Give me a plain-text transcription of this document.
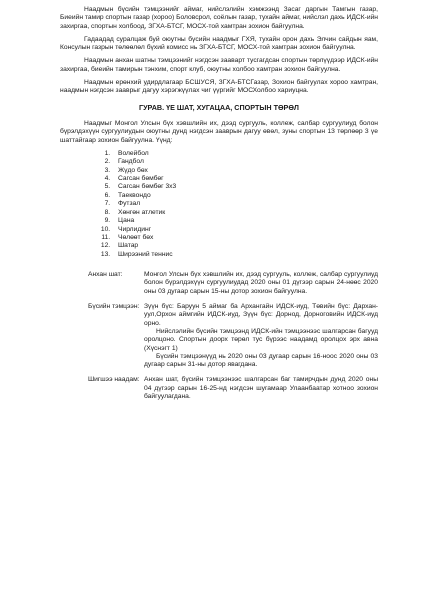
Наадмын бүсийн тэмцээнийг аймаг, нийслэлийн хэмжээнд Засаг даргын Тамгын газар, Биеийн тамир спортын газар (хороо) Боловсрол, соёлын газар, тухайн аймаг, нийслэл дахь ИДСК-ийн захиргаа, спортын холбоод, ЗГХА-БТСГ, МОСХ-той хамтран зохион байгуулна.

Гадаадад суралцаж буй оюутны бүсийн наадмыг ГХЯ, тухайн орон дахь Элчин сайдын яам, Консулын газрын төлөөлөл бүхий комисс нь ЗГХА-БТСГ, МОСХ-той хамтран зохион байгуулна.

Наадмын анхан шатны тэмцээнийг нэгдсэн зааварт тусгагдсан спортын төрлүүдээр ИДСК-ийн захиргаа, биеийн тамирын тэнхим, спорт клуб, оюутны холбоо хамтран зохион байгуулна.

Наадмын ерөнхий удирдлагаар БСШУСЯ, ЗГХА-БТСГазар, Зохион байгуулах хороо хамтран, наадмын нэгдсэн зааврыг дагуу хэрэгжүүлах чиг үүргийг МОСХолбоо хариуцна.

ГУРАВ. ҮЕ ШАТ, ХУГАЦАА, СПОРТЫН ТӨРӨЛ

Наадмыг Монгол Улсын бүх хэвшлийн их, дээд сургууль, коллеж, салбар сургуулиуд болон бүрэлдэхүүн сургуулиудын оюутны дунд нэгдсэн зааврын дагуу өвөл, зуны спортын 13 төрлөөр 3 үе шаттайгаар зохион байгуулна. Үүнд:

1. Волейбол
2. Гандбол
3. Жүдо бөх
4. Сагсан бөмбөг
5. Сагсан бөмбөг 3х3
6. Таеквондо
7. Футзал
8. Хөнгөн атлетик
9. Цана
10. Чирлидинг
11. Чөлөөт бөх
12. Шатар
13. Ширээний теннис
Анхан шат:	Монгол Улсын бүх хэвшлийн их, дээд сургууль, коллеж, салбар сургуулиуд болон бүрэлдэхүүн сургуулиудад 2020 оны 01 дүгээр сарын 24-нөөс 2020 оны 03 дугаар сарын 15-ны дотор зохион байгуулна.

Бүсийн тэмцээн: Зүүн бүс: Баруун 5 аймаг ба Архангайн ИДСК-иуд, Төвийн бүс: Дархан-уул,Орхон аймгийн ИДСК-иуд, Зүүн бүс: Дорнод, Дорноговийн ИДСК-иуд орно.

Нийслэлийн бүсийн тэмцээнд ИДСК-ийн тэмцээнээс шалгарсан багууд оролцоно. Спортын доорх төрөл тус бүрээс наадамд оролцох эрх авна (Хүснэгт 1)

Бүсийн тэмцээнүүд нь 2020 оны 03 дугаар сарын 16-ноос 2020 оны 03 дугаар сарын 31-ны дотор явагдана.

Шигшээ наадам: Анхан шат, бүсийн тэмцээнээс шалгарсан баг тамирчдын дунд 2020 оны 04 дүгээр сарын 16-25-нд нэгдсэн шугамаар Улаанбаатар хотноо зохион байгуулагдана.
